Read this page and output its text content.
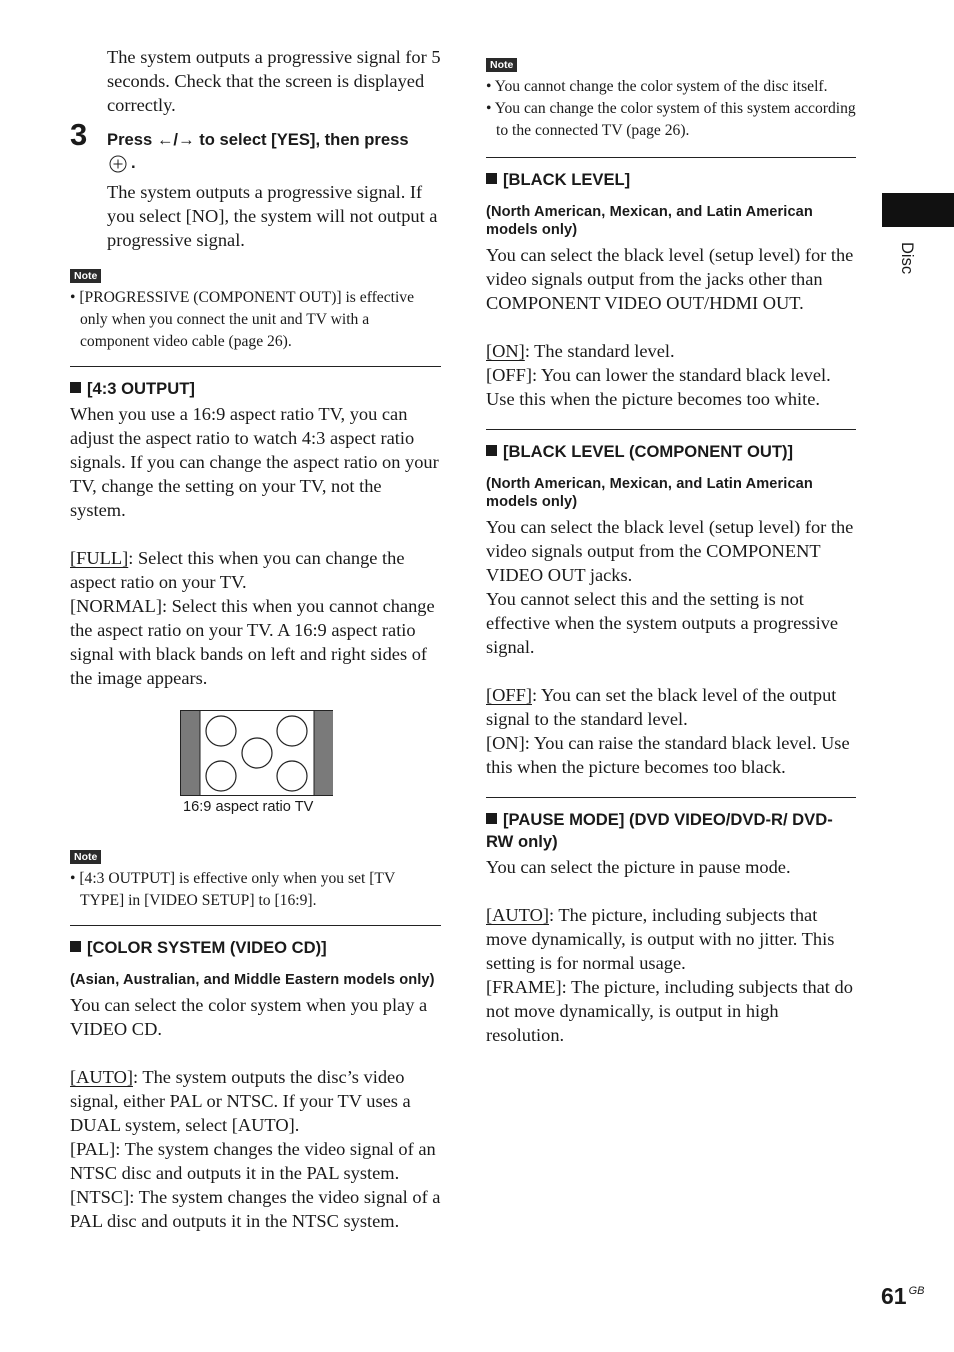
The system outputs a progressive signal for 5 seconds. Check that the screen is displayed correctly.

3 Press ←/→ to select [YES], then press
.

The system outputs a progressive signal. If you select [NO], the system will not output a progressive signal.

Note

• [PROGRESSIVE (COMPONENT OUT)] is effective only when you connect the unit and TV with a component video cable (page 26).

[4:3 OUTPUT]

When you use a 16:9 aspect ratio TV, you can adjust the aspect ratio to watch 4:3 aspect ratio signals. If you can change the aspect ratio on your TV, change the setting on your TV, not the system.

[FULL]: Select this when you can change the aspect ratio on your TV.

[NORMAL]: Select this when you cannot change the aspect ratio on your TV. A 16:9 aspect ratio signal with black bands on left and right sides of the image appears.

16:9 aspect ratio TV
Note

• [4:3 OUTPUT] is effective only when you set [TV TYPE] in [VIDEO SETUP] to [16:9].

[COLOR SYSTEM (VIDEO CD)]

(Asian, Australian, and Middle Eastern models only)

You can select the color system when you play a VIDEO CD.

[AUTO]: The system outputs the disc’s video signal, either PAL or NTSC. If your TV uses a DUAL system, select [AUTO].

[PAL]: The system changes the video signal of an NTSC disc and outputs it in the PAL system.

[NTSC]: The system changes the video signal of a PAL disc and outputs it in the NTSC system.

Note

• You cannot change the color system of the disc itself.

• You can change the color system of this system according to the connected TV (page 26).

[BLACK LEVEL]

(North American, Mexican, and Latin American models only)

You can select the black level (setup level) for the video signals output from the jacks other than COMPONENT VIDEO OUT/HDMI OUT.

[ON]: The standard level.

[OFF]: You can lower the standard black level. Use this when the picture becomes too white.

[BLACK LEVEL (COMPONENT OUT)]

(North American, Mexican, and Latin American models only)

You can select the black level (setup level) for the video signals output from the COMPONENT VIDEO OUT jacks.

You cannot select this and the setting is not effective when the system outputs a progressive signal.

[OFF]: You can set the black level of the output signal to the standard level.

[ON]: You can raise the standard black level. Use this when the picture becomes too black.

[PAUSE MODE] (DVD VIDEO/DVD-R/ DVD-RW only)

You can select the picture in pause mode.

[AUTO]: The picture, including subjects that move dynamically, is output with no jitter. This setting is for normal usage.

[FRAME]: The picture, including subjects that do not move dynamically, is output in high resolution.

Disc
61 $^{GB}$
